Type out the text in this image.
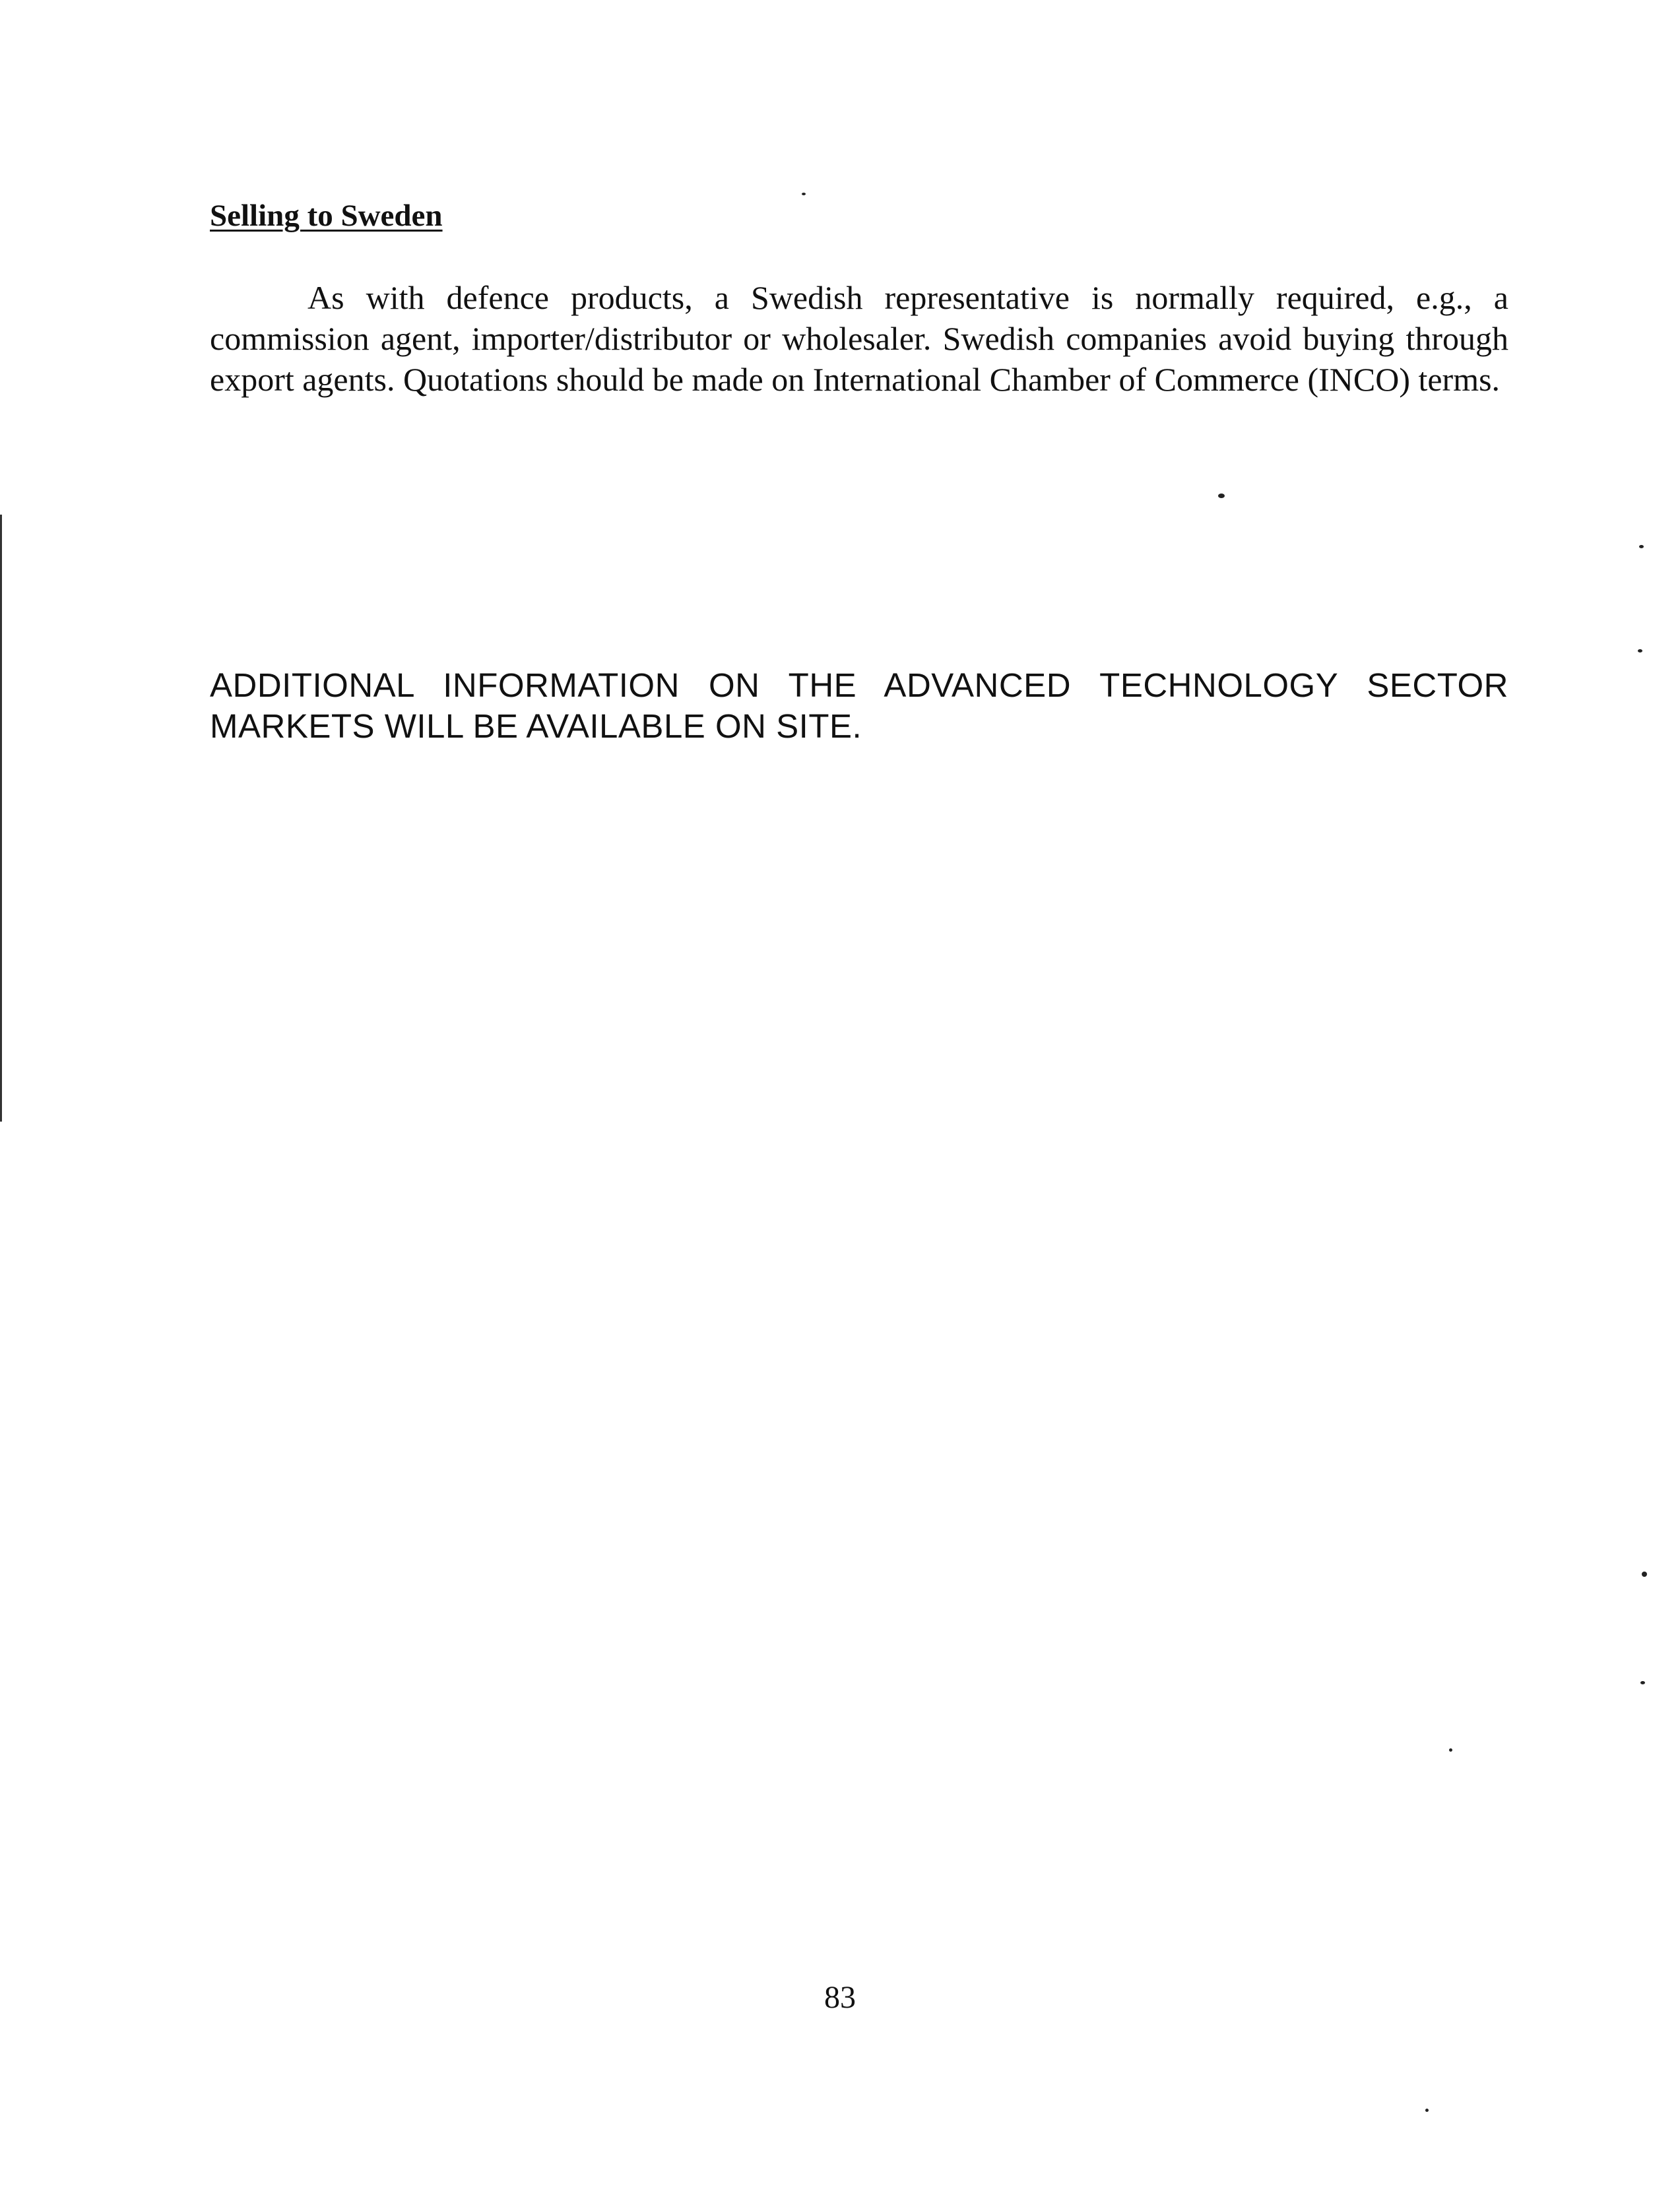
Selling to Sweden

As with defence products, a Swedish representative is normally required, e.g., a commission agent, importer/distributor or wholesaler. Swedish companies avoid buying through export agents. Quotations should be made on International Chamber of Commerce (INCO) terms.

ADDITIONAL INFORMATION ON THE ADVANCED TECHNOLOGY SECTOR MARKETS WILL BE AVAILABLE ON SITE.

83
